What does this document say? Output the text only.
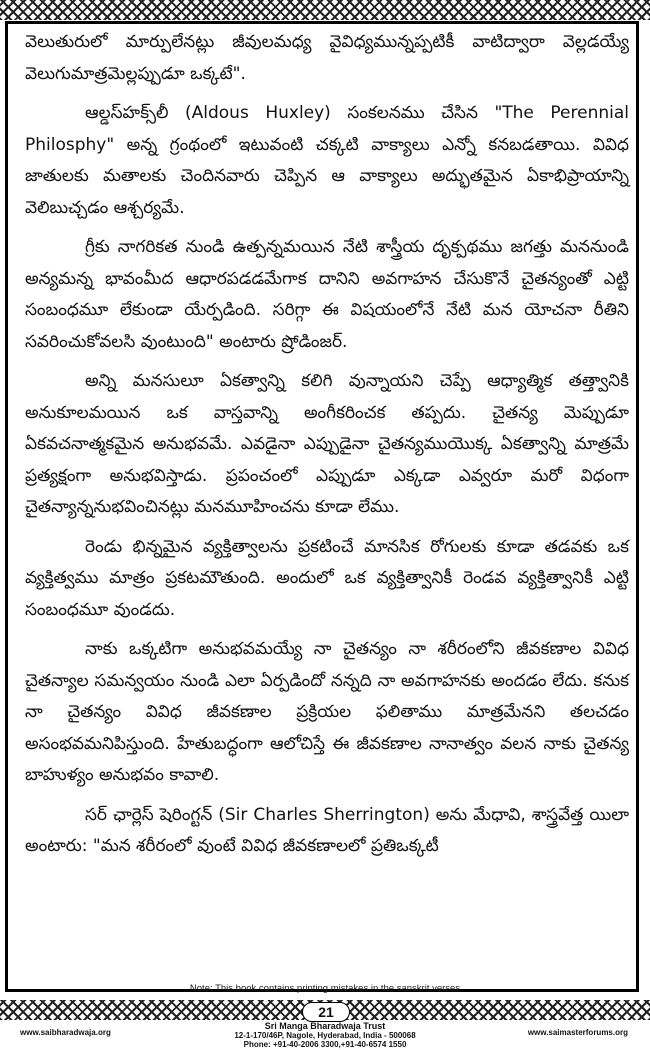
వెలుతురులో మార్పులేనట్లు జీవులమధ్య వైవిధ్యమున్నప్పటికీ వాటిద్వారా వెల్లడయ్యే వెలుగుమాత్రమెల్లప్పుడూ ఒక్కటే".

ఆల్డస్‌హక్స్‌లీ (Aldous Huxley) సంకలనము చేసిన "The Perennial Philosphy" అన్న గ్రంథంలో ఇటువంటి చక్కటి వాక్యాలు ఎన్నో కనబడతాయి. వివిధ జాతులకు మతాలకు చెందినవారు చెప్పిన ఆ వాక్యాలు అద్భుతమైన ఏకాభిప్రాయాన్ని వెలిబుచ్చడం ఆశ్చర్యమే.

గ్రీకు నాగరికత నుండి ఉత్పన్నమయిన నేటి శాస్త్రీయ దృక్పథము జగత్తు మననుండి అన్యమన్న భావంమీద ఆధారపడడమేగాక దానిని అవగాహన చేసుకొనే చైతన్యంతో ఎట్టి సంబంధమూ లేకుండా యేర్పడింది. సరిగ్గా ఈ విషయంలోనే నేటి మన యోచనా రీతిని సవరించుకోవలసి వుంటుంది" అంటారు ష్రోడింజర్.

అన్ని మనసులూ ఏకత్వాన్ని కలిగి వున్నాయని చెప్పే ఆధ్యాత్మిక తత్త్వానికి అనుకూలమయిన ఒక వాస్తవాన్ని అంగీకరించక తప్పదు. చైతన్య మెప్పుడూ ఏకవచనాత్మకమైన అనుభవమే. ఎవడైనా ఎప్పుడైనా చైతన్యముయొక్క ఏకత్వాన్ని మాత్రమే ప్రత్యక్షంగా అనుభవిస్తాడు. ప్రపంచంలో ఎప్పుడూ ఎక్కడా ఎవ్వరూ మరో విధంగా చైతన్యాన్ననుభవించినట్లు మనమూహించను కూడా లేము.

రెండు భిన్నమైన వ్యక్తిత్వాలను ప్రకటించే మానసిక రోగులకు కూడా తడవకు ఒక వ్యక్తిత్వము మాత్రం ప్రకటమౌతుంది. అందులో ఒక వ్యక్తిత్వానికీ రెండవ వ్యక్తిత్వానికీ ఎట్టి సంబంధమూ వుండదు.

నాకు ఒక్కటిగా అనుభవమయ్యే నా చైతన్యం నా శరీరంలోని జీవకణాల వివిధ చైతన్యాల సమన్వయం నుండి ఎలా ఏర్పడిందో నన్నది నా అవగాహనకు అందడం లేదు. కనుక నా చైతన్యం వివిధ జీవకణాల ప్రక్రియల ఫలితాము మాత్రమేనని తలచడం అసంభవమనిపిస్తుంది. హేతుబద్ధంగా ఆలోచిస్తే ఈ జీవకణాల నానాత్వం వలన నాకు చైతన్య బాహుళ్యం అనుభవం కావాలి.

సర్ ఛార్లెస్ షెరింగ్టన్ (Sir Charles Sherrington) అను మేధావి, శాస్త్రవేత్త యిలా అంటారు: "మన శరీరంలో వుంటే వివిధ జీవకణాలలో ప్రతిఒక్కటీ

Note: This book contains printing mistakes in the sanskrit verses
21
www.saibharadwaja.org
Sri Manga Bharadwaja Trust
12-1-170/46P, Nagole, Hyderabad, India - 500068
Phone: +91-40-2006 3300,+91-40-6574 1550
www.saimasterforums.org
